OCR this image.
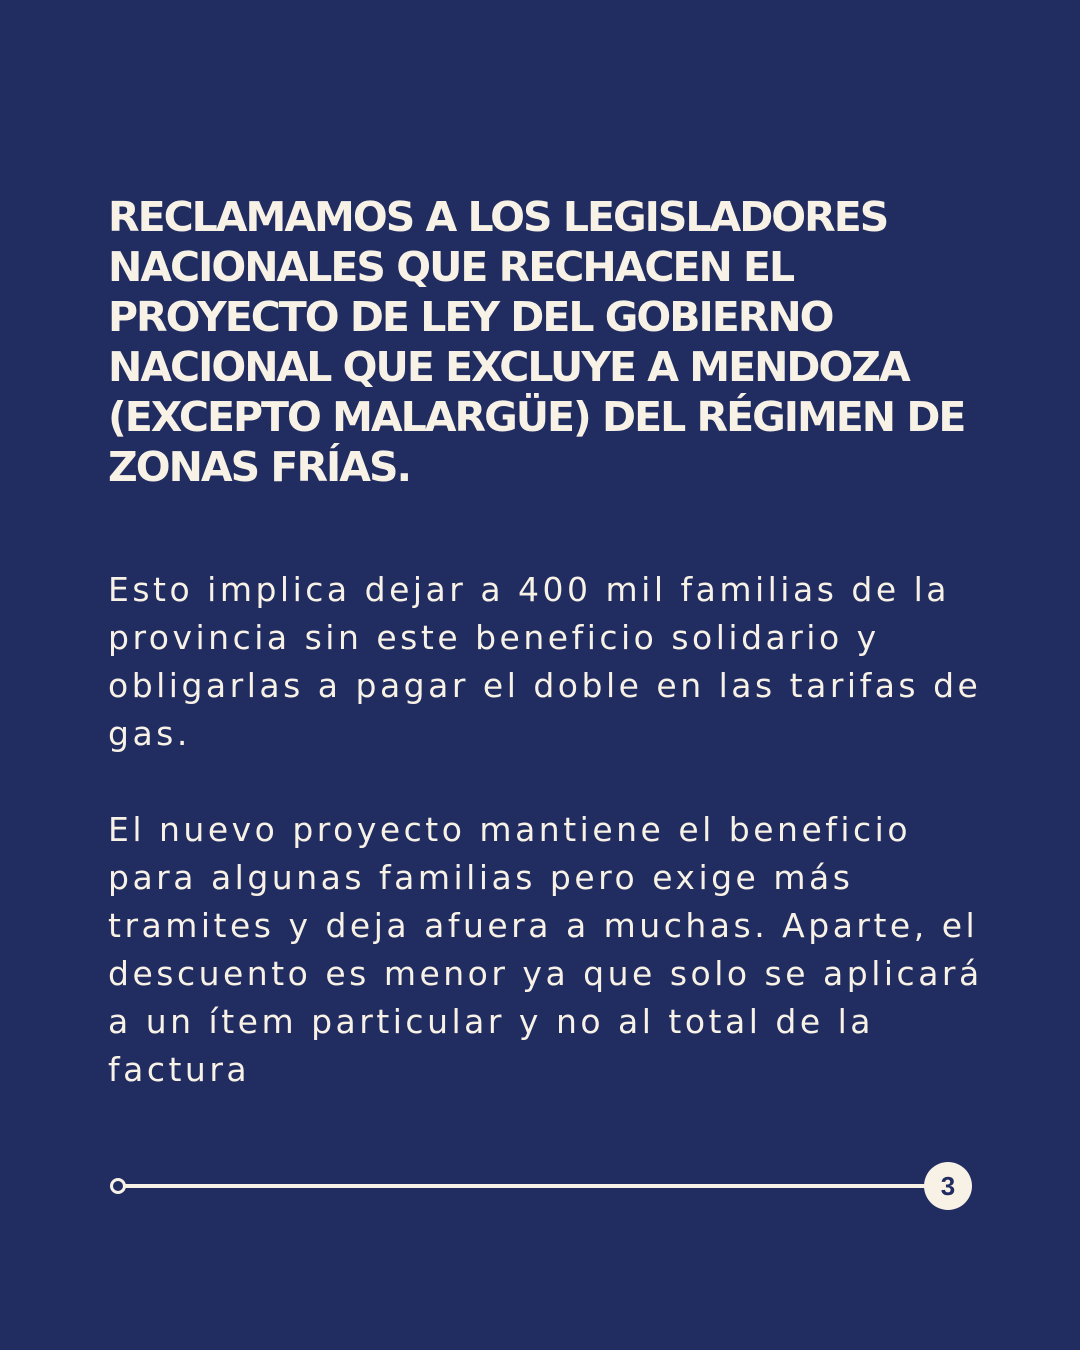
RECLAMAMOS A LOS LEGISLADORES NACIONALES QUE RECHACEN EL PROYECTO DE LEY DEL GOBIERNO NACIONAL QUE EXCLUYE A MENDOZA (EXCEPTO MALARGÜE) DEL RÉGIMEN DE ZONAS FRÍAS.

Esto implica dejar a 400 mil familias de la provincia sin este beneficio solidario y obligarlas a pagar el doble en las tarifas de gas.

El nuevo proyecto mantiene el beneficio para algunas familias pero exige más tramites y deja afuera a muchas. Aparte, el descuento es menor ya que solo se aplicará a un ítem particular y no al total de la factura

3
